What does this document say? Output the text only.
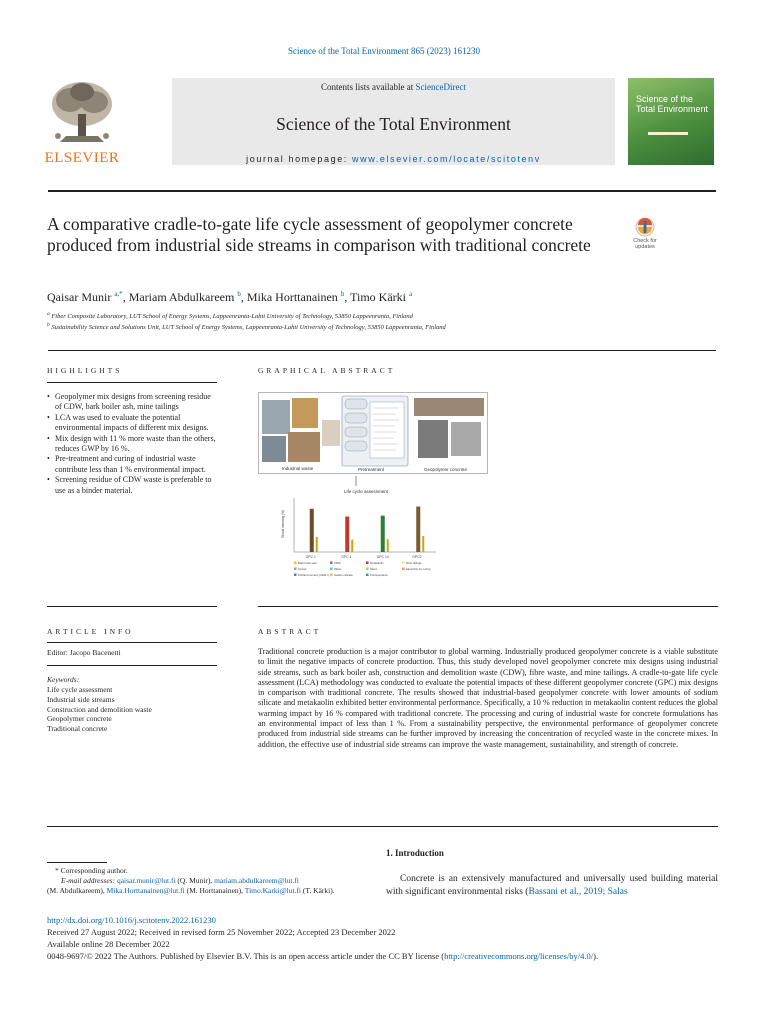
Science of the Total Environment 865 (2023) 161230
ELSEVIER
Contents lists available at ScienceDirect
Science of the Total Environment
journal homepage: www.elsevier.com/locate/scitotenv
Science of the Total Environment
A comparative cradle-to-gate life cycle assessment of geopolymer concrete produced from industrial side streams in comparison with traditional concrete	Check for updates
Qaisar Munir $^{a,*}$, Mariam Abdulkareem $^b$, Mika Horttanainen $^b$, Timo Kärki $^a$
$^a$ Fiber Composite Laboratory, LUT School of Energy Systems, Lappeenranta-Lahti University of Technology, 53850 Lappeenranta, Finland
$^b$ Sustainability Science and Solutions Unit, LUT School of Energy Systems, Lappeenranta-Lahti University of Technology, 53850 Lappeenranta, Finland
HIGHLIGHTS
• Geopolymer mix designs from screening residue of CDW, bark boiler ash, mine tailings
• LCA was used to evaluate the potential environmental impacts of different mix designs.
• Mix design with 11 % more waste than the others, reduces GWP by 16 %.
• Pre-treatment and curing of industrial waste contribute less than 1 % environmental impact.
• Screening residue of CDW waste is preferable to use as a binder material.
GRAPHICAL ABSTRACT
Industrial waste	Pretreatment	Geopolymer concrete
Life cycle assessment
Global warming (%)
GPC 1	GPC 4	GPC 10	GPC2
Bark boiler ash	CDW	Metakaolin	Mine tailings
Gravel	Water	Sand	Electricity for curing
Portland cement (CEM I) Sodium silicate	Transportation
ARTICLE INFO
Editor: Jacopo Bacenetti
Keywords:
Life cycle assessment
Industrial side streams
Construction and demolition waste
Geopolymer concrete
Traditional concrete
ABSTRACT
Traditional concrete production is a major contributor to global warming. Industrially produced geopolymer concrete is a viable substitute to limit the negative impacts of concrete production. Thus, this study developed novel geopolymer concrete mix designs using industrial side streams, such as bark boiler ash, construction and demolition waste (CDW), fibre waste, and mine tailings. A cradle-to-gate life cycle assessment (LCA) methodology was conducted to evaluate the potential impacts of these different geopolymer concrete (GPC) mix designs in comparison with traditional concrete. The results showed that industrial-based geopolymer concrete with lower amounts of sodium silicate and metakaolin exhibited better environmental performance. Specifically, a 10 % reduction in metakaolin content reduces the global warming impact by 16 % compared with traditional concrete. The processing and curing of industrial waste for concrete formulations has an environmental impact of less than 1 %. From a sustainability perspective, the environmental performance of geopolymer concrete produced from industrial side streams can be further improved by increasing the concentration of recycled waste in the concrete mixes. In addition, the effective use of industrial side streams can improve the waste management, sustainability, and strength of concrete.
1. Introduction
Concrete is an extensively manufactured and universally used building material with significant environmental risks (Bassani et al., 2019; Salas
* Corresponding author.
E-mail addresses: qaisar.munir@lut.fi (Q. Munir), mariam.abdulkareem@lut.fi
(M. Abdulkareem), Mika.Horttanainen@lut.fi (M. Horttanainen), Timo.Karki@lut.fi (T. Kärki).
http://dx.doi.org/10.1016/j.scitotenv.2022.161230
Received 27 August 2022; Received in revised form 25 November 2022; Accepted 23 December 2022
Available online 28 December 2022
0048-9697/© 2022 The Authors. Published by Elsevier B.V. This is an open access article under the CC BY license (http://creativecommons.org/licenses/by/4.0/).
